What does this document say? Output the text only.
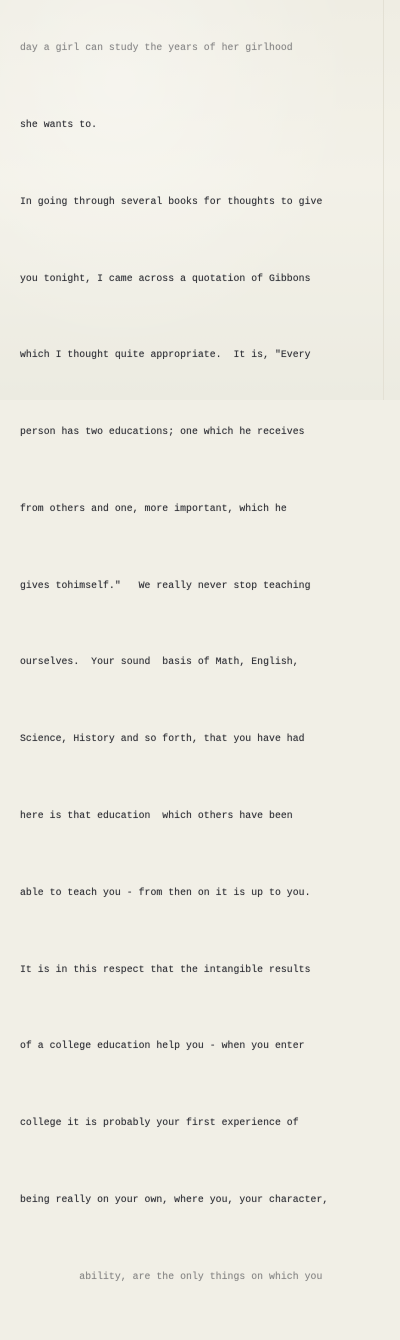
day a girl can study the years of her girlhood

she wants to.

In going through several books for thoughts to give

you tonight, I came across a quotation of Gibbons

which I thought quite appropriate.  It is, "Every

person has two educations; one which he receives

from others and one, more important, which he

gives tohimself."   We really never stop teaching

ourselves.  Your sound  basis of Math, English,

Science, History and so forth, that you have had

here is that education  which others have been

able to teach you - from then on it is up to you.

It is in this respect that the intangible results

of a college education help you - when you enter

college it is probably your first experience of

being really on your own, where you, your character,

ability, are the only things on which you
